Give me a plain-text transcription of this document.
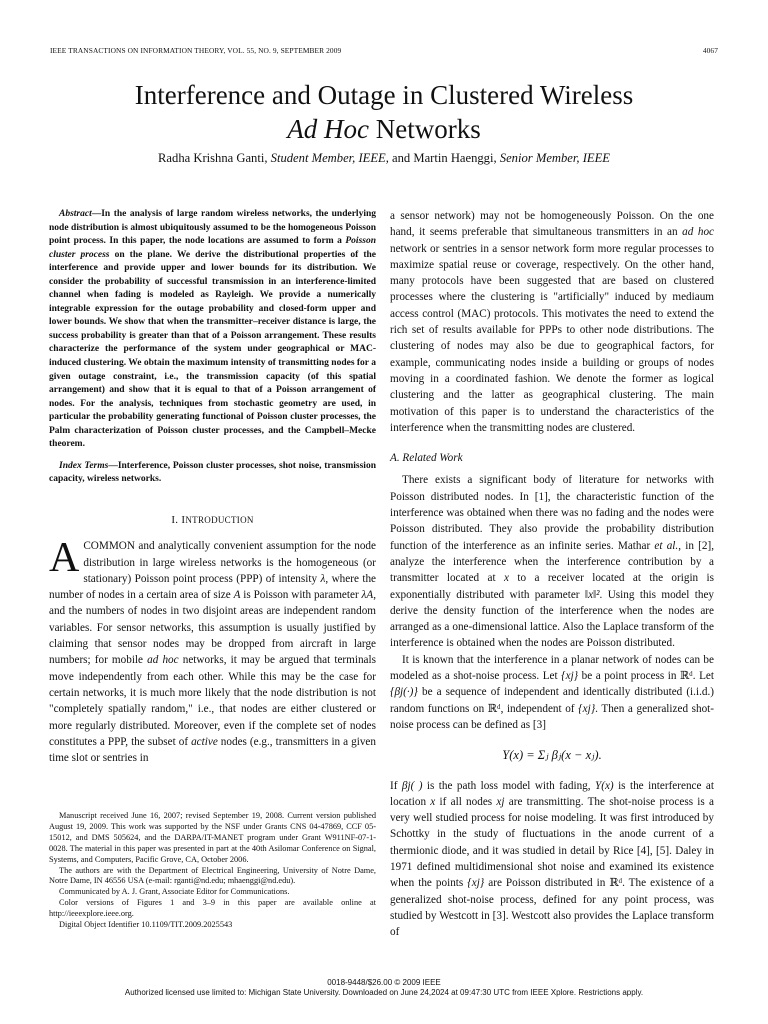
IEEE TRANSACTIONS ON INFORMATION THEORY, VOL. 55, NO. 9, SEPTEMBER 2009	4067
Interference and Outage in Clustered Wireless
Ad Hoc Networks
Radha Krishna Ganti, Student Member, IEEE, and Martin Haenggi, Senior Member, IEEE

Abstract—In the analysis of large random wireless networks, the underlying node distribution is almost ubiquitously assumed to be the homogeneous Poisson point process. In this paper, the node locations are assumed to form a Poisson cluster process on the plane. We derive the distributional properties of the interference and provide upper and lower bounds for its distribution. We consider the probability of successful transmission in an interference-limited channel when fading is modeled as Rayleigh. We provide a numerically integrable expression for the outage probability and closed-form upper and lower bounds. We show that when the transmitter–receiver distance is large, the success probability is greater than that of a Poisson arrangement. These results characterize the performance of the system under geographical or MAC-induced clustering. We obtain the maximum intensity of transmitting nodes for a given outage constraint, i.e., the transmission capacity (of this spatial arrangement) and show that it is equal to that of a Poisson arrangement of nodes. For the analysis, techniques from stochastic geometry are used, in particular the probability generating functional of Poisson cluster processes, the Palm characterization of Poisson cluster processes, and the Campbell–Mecke theorem.

Index Terms—Interference, Poisson cluster processes, shot noise, transmission capacity, wireless networks.

I. INTRODUCTION

A COMMON and analytically convenient assumption for the node distribution in large wireless networks is the homogeneous (or stationary) Poisson point process (PPP) of intensity λ, where the number of nodes in a certain area of size A is Poisson with parameter λA, and the numbers of nodes in two disjoint areas are independent random variables. For sensor networks, this assumption is usually justified by claiming that sensor nodes may be dropped from aircraft in large numbers; for mobile ad hoc networks, it may be argued that terminals move independently from each other. While this may be the case for certain networks, it is much more likely that the node distribution is not "completely spatially random," i.e., that nodes are either clustered or more regularly distributed. Moreover, even if the complete set of nodes constitutes a PPP, the subset of active nodes (e.g., transmitters in a given time slot or sentries in

Manuscript received June 16, 2007; revised September 19, 2008. Current version published August 19, 2009. This work was supported by the NSF under Grants CNS 04-47869, CCF 05-15012, and DMS 505624, and the DARPA/IT-MANET program under Grant W911NF-07-1-0028. The material in this paper was presented in part at the 40th Asilomar Conference on Signal, Systems, and Computers, Pacific Grove, CA, October 2006.

The authors are with the Department of Electrical Engineering, University of Notre Dame, Notre Dame, IN 46556 USA (e-mail: rganti@nd.edu; mhaenggi@nd.edu).

Communicated by A. J. Grant, Associate Editor for Communications.

Color versions of Figures 1 and 3–9 in this paper are available online at http://ieeexplore.ieee.org.

Digital Object Identifier 10.1109/TIT.2009.2025543

a sensor network) may not be homogeneously Poisson. On the one hand, it seems preferable that simultaneous transmitters in an ad hoc network or sentries in a sensor network form more regular processes to maximize spatial reuse or coverage, respectively. On the other hand, many protocols have been suggested that are based on clustered processes where the clustering is "artificially" induced by mediaum access control (MAC) protocols. This motivates the need to extend the rich set of results available for PPPs to other node distributions. The clustering of nodes may also be due to geographical factors, for example, communicating nodes inside a building or groups of nodes moving in a coordinated fashion. We denote the former as logical clustering and the latter as geographical clustering. The main motivation of this paper is to understand the characteristics of the interference when the transmitting nodes are clustered.

A. Related Work

There exists a significant body of literature for networks with Poisson distributed nodes. In [1], the characteristic function of the interference was obtained when there was no fading and the nodes were Poisson distributed. They also provide the probability distribution function of the interference as an infinite series. Mathar et al., in [2], analyze the interference when the interference contribution by a transmitter located at x to a receiver located at the origin is exponentially distributed with parameter ‖x‖². Using this model they derive the density function of the interference when the nodes are arranged as a one-dimensional lattice. Also the Laplace transform of the interference is obtained when the nodes are Poisson distributed.

It is known that the interference in a planar network of nodes can be modeled as a shot-noise process. Let {xj} be a point process in ℝᵈ. Let {βj(·)} be a sequence of independent and identically distributed (i.i.d.) random functions on ℝᵈ, independent of {xj}. Then a generalized shot-noise process can be defined as [3]

Y(x) = Σⱼ βⱼ(x − xⱼ).

If βj( ) is the path loss model with fading, Y(x) is the interference at location x if all nodes xj are transmitting. The shot-noise process is a very well studied process for noise modeling. It was first introduced by Schottky in the study of fluctuations in the anode current of a thermionic diode, and it was studied in detail by Rice [4], [5]. Daley in 1971 defined multidimensional shot noise and examined its existence when the points {xj} are Poisson distributed in ℝᵈ. The existence of a generalized shot-noise process, defined for any point process, was studied by Westcott in [3]. Westcott also provides the Laplace transform of

0018-9448/$26.00 © 2009 IEEE
Authorized licensed use limited to: Michigan State University. Downloaded on June 24,2024 at 09:47:30 UTC from IEEE Xplore. Restrictions apply.
